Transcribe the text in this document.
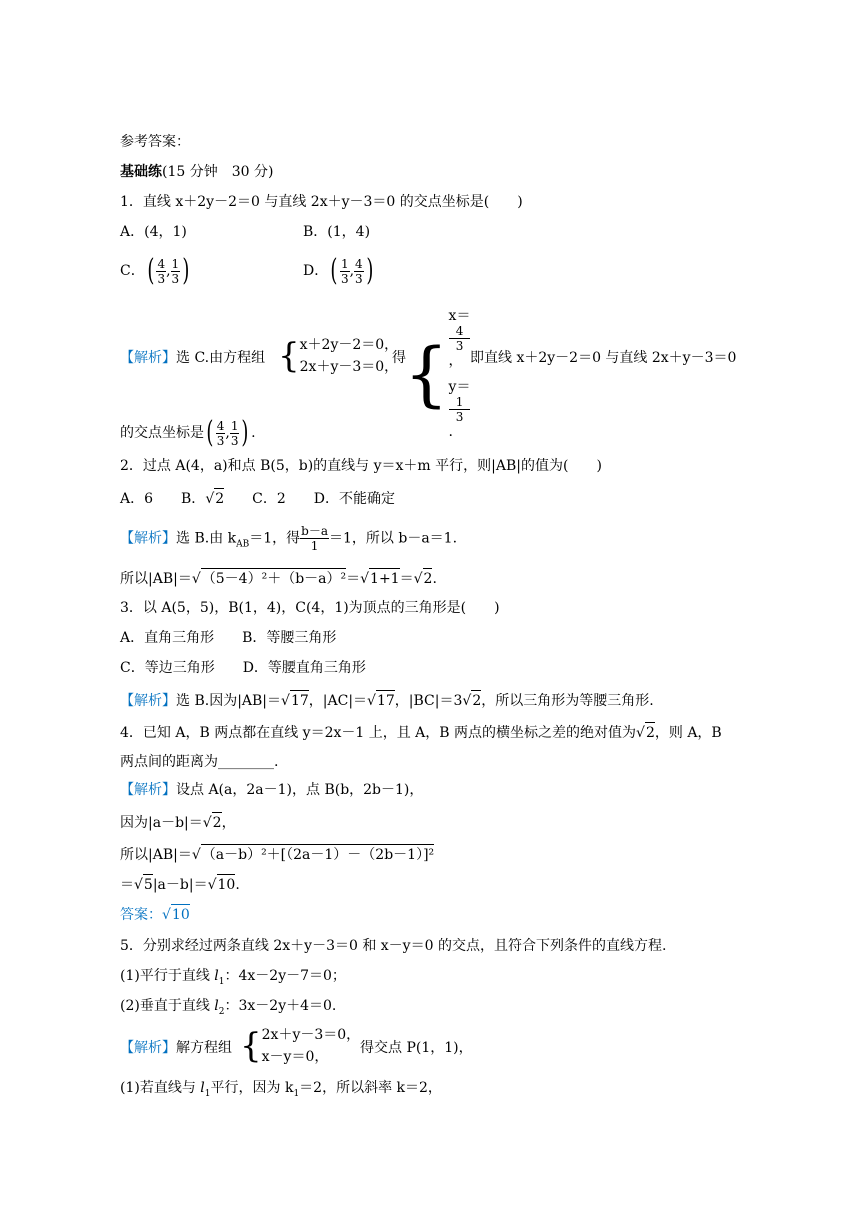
参考答案：
基础练(15 分钟　30 分)
1．直线 x＋2y－2＝0 与直线 2x＋y－3＝0 的交点坐标是(　　)
A．(4，1)	B．(1，4)
C．( $\frac{4}{3}$ , $\frac{1}{3}$ )	D．( $\frac{1}{3}$ , $\frac{4}{3}$ )
【解析】选 C.由方程组 { x＋2y－2＝0，
2x＋y－3＝0，
得
{
x＝
4
3
，
y＝
1
3
.
即直线 x＋2y－2＝0 与直线 2x＋y－3＝0
的交点坐标是( $\frac{4}{3}$ , $\frac{1}{3}$ ) .
2．过点 A(4，a)和点 B(5，b)的直线与 y＝x＋m 平行，则|AB|的值为(　　)
A．6　　B．√2　　C．2　　D．不能确定
【解析】选 B.由 $k_{AB}=1$，得 $\frac{b-a}{1} =1$，所以 b－a＝1.
所以|AB|＝√（5－4）²＋（b－a）²＝√1+1＝√2.
3．以 A(5，5)，B(1，4)，C(4，1)为顶点的三角形是(　　)
A．直角三角形　　B．等腰三角形
C．等边三角形　　D．等腰直角三角形
【解析】选 B.因为|AB|＝√17，|AC|＝√17，|BC|＝3√2，所以三角形为等腰三角形.
4．已知 A，B 两点都在直线 y＝2x－1 上，且 A，B 两点的横坐标之差的绝对值为√2，则 A，B
两点间的距离为________.
【解析】设点 A(a，2a－1)，点 B(b，2b－1)，
因为|a－b|＝√2，
所以|AB|＝√（a－b）²＋[（2a－1）－（2b－1）]²
＝√5|a－b|＝√10.
答案：√10
5．分别求经过两条直线 2x＋y－3＝0 和 x－y＝0 的交点，且符合下列条件的直线方程.
(1)平行于直线 $l_1$：4x－2y－7＝0；
(2)垂直于直线 $l_2$：3x－2y＋4＝0.
【解析】解方程组 { 2x＋y－3＝0，
x－y＝0，
得交点 P(1，1)，
(1)若直线与 $l_1$平行，因为 $k_1=2$，所以斜率 k＝2，
